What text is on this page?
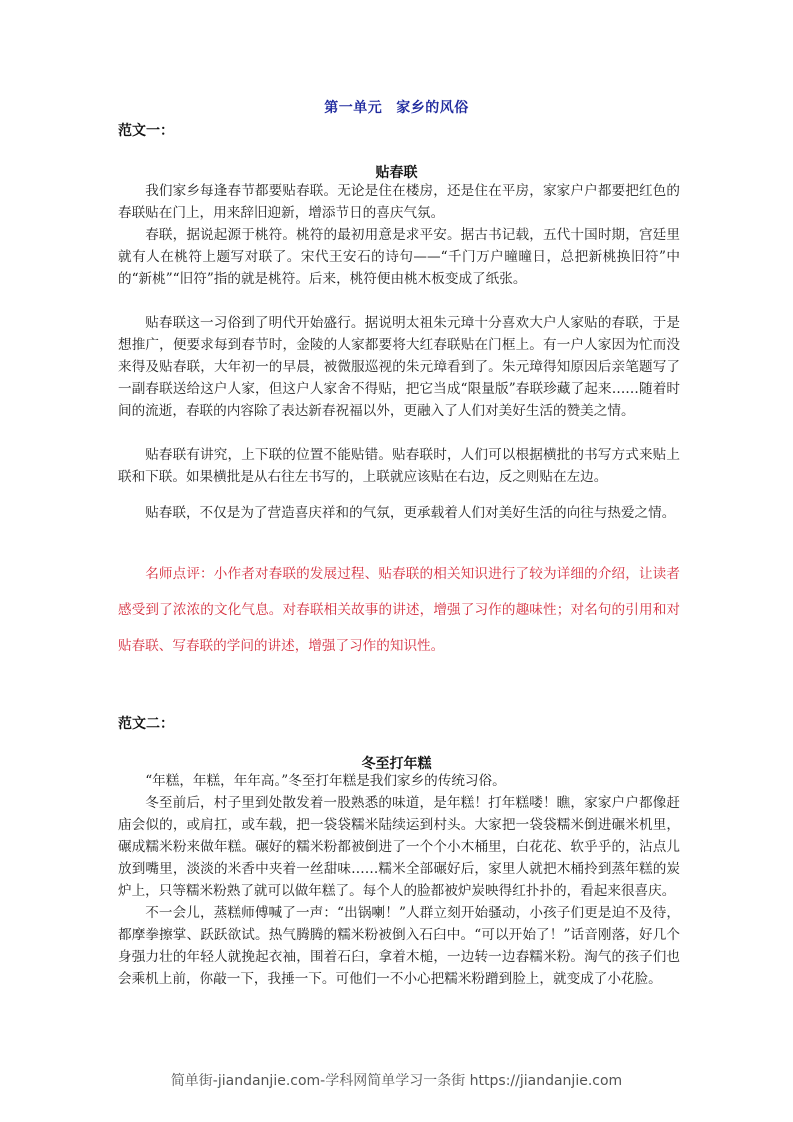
第一单元 家乡的风俗
范文一：
贴春联

我们家乡每逢春节都要贴春联。无论是住在楼房，还是住在平房，家家户户都要把红色的春联贴在门上，用来辞旧迎新，增添节日的喜庆气氛。

春联，据说起源于桃符。桃符的最初用意是求平安。据古书记载，五代十国时期，宫廷里就有人在桃符上题写对联了。宋代王安石的诗句——“千门万户曈曈日，总把新桃换旧符”中的“新桃”“旧符”指的就是桃符。后来，桃符便由桃木板变成了纸张。

贴春联这一习俗到了明代开始盛行。据说明太祖朱元璋十分喜欢大户人家贴的春联，于是想推广，便要求每到春节时，金陵的人家都要将大红春联贴在门框上。有一户人家因为忙而没来得及贴春联，大年初一的早晨，被微服巡视的朱元璋看到了。朱元璋得知原因后亲笔题写了一副春联送给这户人家，但这户人家舍不得贴，把它当成“限量版”春联珍藏了起来……随着时间的流逝，春联的内容除了表达新春祝福以外，更融入了人们对美好生活的赞美之情。

贴春联有讲究，上下联的位置不能贴错。贴春联时，人们可以根据横批的书写方式来贴上联和下联。如果横批是从右往左书写的，上联就应该贴在右边，反之则贴在左边。

贴春联，不仅是为了营造喜庆祥和的气氛，更承载着人们对美好生活的向往与热爱之情。

名师点评：小作者对春联的发展过程、贴春联的相关知识进行了较为详细的介绍，让读者感受到了浓浓的文化气息。对春联相关故事的讲述，增强了习作的趣味性；对名句的引用和对贴春联、写春联的学问的讲述，增强了习作的知识性。

范文二：
冬至打年糕

“年糕，年糕，年年高。”冬至打年糕是我们家乡的传统习俗。

冬至前后，村子里到处散发着一股熟悉的味道，是年糕！打年糕喽！瞧，家家户户都像赶庙会似的，或肩扛，或车载，把一袋袋糯米陆续运到村头。大家把一袋袋糯米倒进碾米机里，碾成糯米粉来做年糕。碾好的糯米粉都被倒进了一个个小木桶里，白花花、软乎乎的，沾点儿放到嘴里，淡淡的米香中夹着一丝甜味……糯米全部碾好后，家里人就把木桶拎到蒸年糕的炭炉上，只等糯米粉熟了就可以做年糕了。每个人的脸都被炉炭映得红扑扑的，看起来很喜庆。

不一会儿，蒸糕师傅喊了一声：“出锅喇！”人群立刻开始骚动，小孩子们更是迫不及待，都摩拳擦掌、跃跃欲试。热气腾腾的糯米粉被倒入石臼中。“可以开始了！”话音刚落，好几个身强力壮的年轻人就挽起衣袖，围着石臼，拿着木槌，一边转一边舂糯米粉。淘气的孩子们也会乘机上前，你敲一下，我捶一下。可他们一不小心把糯米粉蹭到脸上，就变成了小花脸。

简单街-jiandanjie.com-学科网简单学习一条街 https://jiandanjie.com
